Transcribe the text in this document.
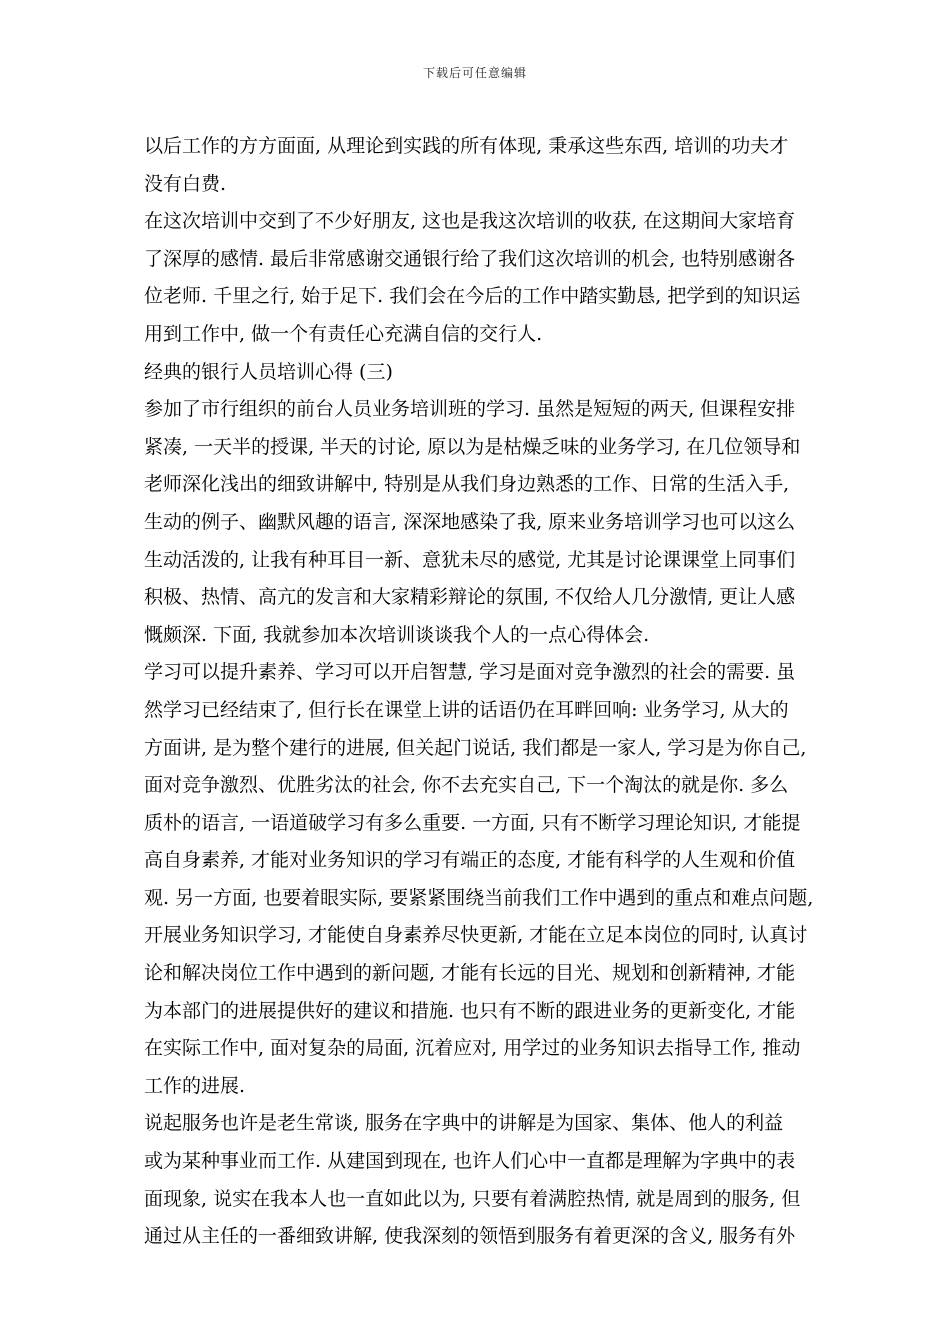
下载后可任意编辑
以后工作的方方面面, 从理论到实践的所有体现, 秉承这些东西, 培训的功夫才
没有白费.
在这次培训中交到了不少好朋友, 这也是我这次培训的收获, 在这期间大家培育
了深厚的感情. 最后非常感谢交通银行给了我们这次培训的机会, 也特别感谢各
位老师. 千里之行, 始于足下. 我们会在今后的工作中踏实勤恳, 把学到的知识运
用到工作中, 做一个有责任心充满自信的交行人.
经典的银行人员培训心得 (三)
参加了市行组织的前台人员业务培训班的学习. 虽然是短短的两天, 但课程安排
紧凑, 一天半的授课, 半天的讨论, 原以为是枯燥乏味的业务学习, 在几位领导和
老师深化浅出的细致讲解中, 特别是从我们身边熟悉的工作、日常的生活入手,
生动的例子、幽默风趣的语言, 深深地感染了我, 原来业务培训学习也可以这么
生动活泼的, 让我有种耳目一新、意犹未尽的感觉, 尤其是讨论课课堂上同事们
积极、热情、高亢的发言和大家精彩辩论的氛围, 不仅给人几分激情, 更让人感
慨颇深. 下面, 我就参加本次培训谈谈我个人的一点心得体会.
学习可以提升素养、学习可以开启智慧, 学习是面对竞争激烈的社会的需要. 虽
然学习已经结束了, 但行长在课堂上讲的话语仍在耳畔回响: 业务学习, 从大的
方面讲, 是为整个建行的进展, 但关起门说话, 我们都是一家人, 学习是为你自己,
面对竞争激烈、优胜劣汰的社会, 你不去充实自己, 下一个淘汰的就是你. 多么
质朴的语言, 一语道破学习有多么重要. 一方面, 只有不断学习理论知识, 才能提
高自身素养, 才能对业务知识的学习有端正的态度, 才能有科学的人生观和价值
观. 另一方面, 也要着眼实际, 要紧紧围绕当前我们工作中遇到的重点和难点问题,
开展业务知识学习, 才能使自身素养尽快更新, 才能在立足本岗位的同时, 认真讨
论和解决岗位工作中遇到的新问题, 才能有长远的目光、规划和创新精神, 才能
为本部门的进展提供好的建议和措施. 也只有不断的跟进业务的更新变化, 才能
在实际工作中, 面对复杂的局面, 沉着应对, 用学过的业务知识去指导工作, 推动
工作的进展.
说起服务也许是老生常谈, 服务在字典中的讲解是为国家、集体、他人的利益
或为某种事业而工作. 从建国到现在, 也许人们心中一直都是理解为字典中的表
面现象, 说实在我本人也一直如此以为, 只要有着满腔热情, 就是周到的服务, 但
通过从主任的一番细致讲解, 使我深刻的领悟到服务有着更深的含义, 服务有外
